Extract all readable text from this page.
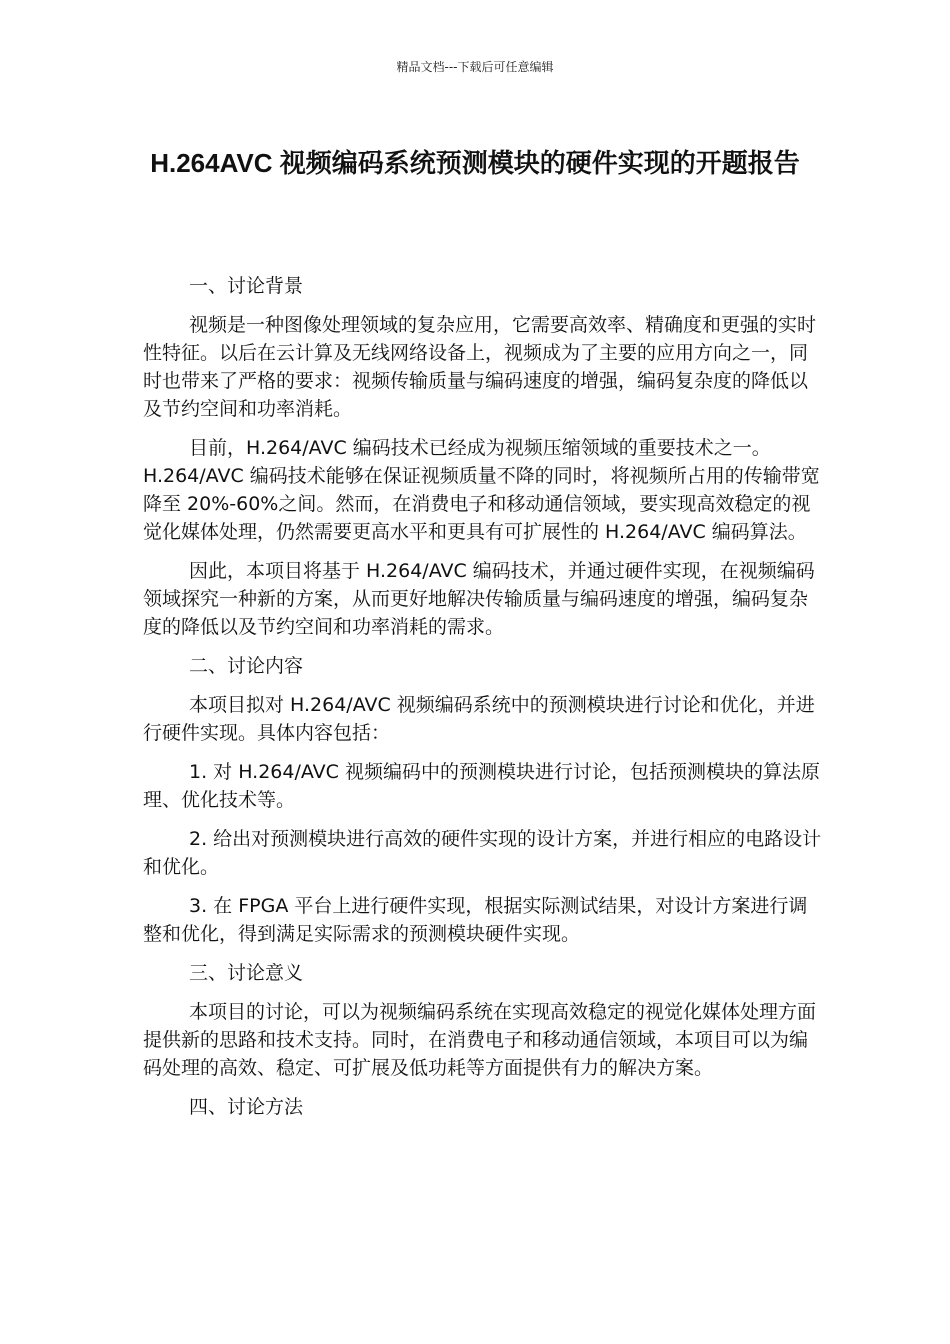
精品文档---下载后可任意编辑
H.264AVC 视频编码系统预测模块的硬件实现的开题报告

一、讨论背景

视频是一种图像处理领域的复杂应用，它需要高效率、精确度和更强的实时性特征。以后在云计算及无线网络设备上，视频成为了主要的应用方向之一，同时也带来了严格的要求：视频传输质量与编码速度的增强，编码复杂度的降低以及节约空间和功率消耗。

目前，H.264/AVC 编码技术已经成为视频压缩领域的重要技术之一。H.264/AVC 编码技术能够在保证视频质量不降的同时，将视频所占用的传输带宽降至 20%-60%之间。然而，在消费电子和移动通信领域，要实现高效稳定的视觉化媒体处理，仍然需要更高水平和更具有可扩展性的 H.264/AVC 编码算法。

因此，本项目将基于 H.264/AVC 编码技术，并通过硬件实现，在视频编码领域探究一种新的方案，从而更好地解决传输质量与编码速度的增强，编码复杂度的降低以及节约空间和功率消耗的需求。

二、讨论内容

本项目拟对 H.264/AVC 视频编码系统中的预测模块进行讨论和优化，并进行硬件实现。具体内容包括：

1. 对 H.264/AVC 视频编码中的预测模块进行讨论，包括预测模块的算法原理、优化技术等。

2. 给出对预测模块进行高效的硬件实现的设计方案，并进行相应的电路设计和优化。

3. 在 FPGA 平台上进行硬件实现，根据实际测试结果，对设计方案进行调整和优化，得到满足实际需求的预测模块硬件实现。

三、讨论意义

本项目的讨论，可以为视频编码系统在实现高效稳定的视觉化媒体处理方面提供新的思路和技术支持。同时，在消费电子和移动通信领域，本项目可以为编码处理的高效、稳定、可扩展及低功耗等方面提供有力的解决方案。

四、讨论方法
